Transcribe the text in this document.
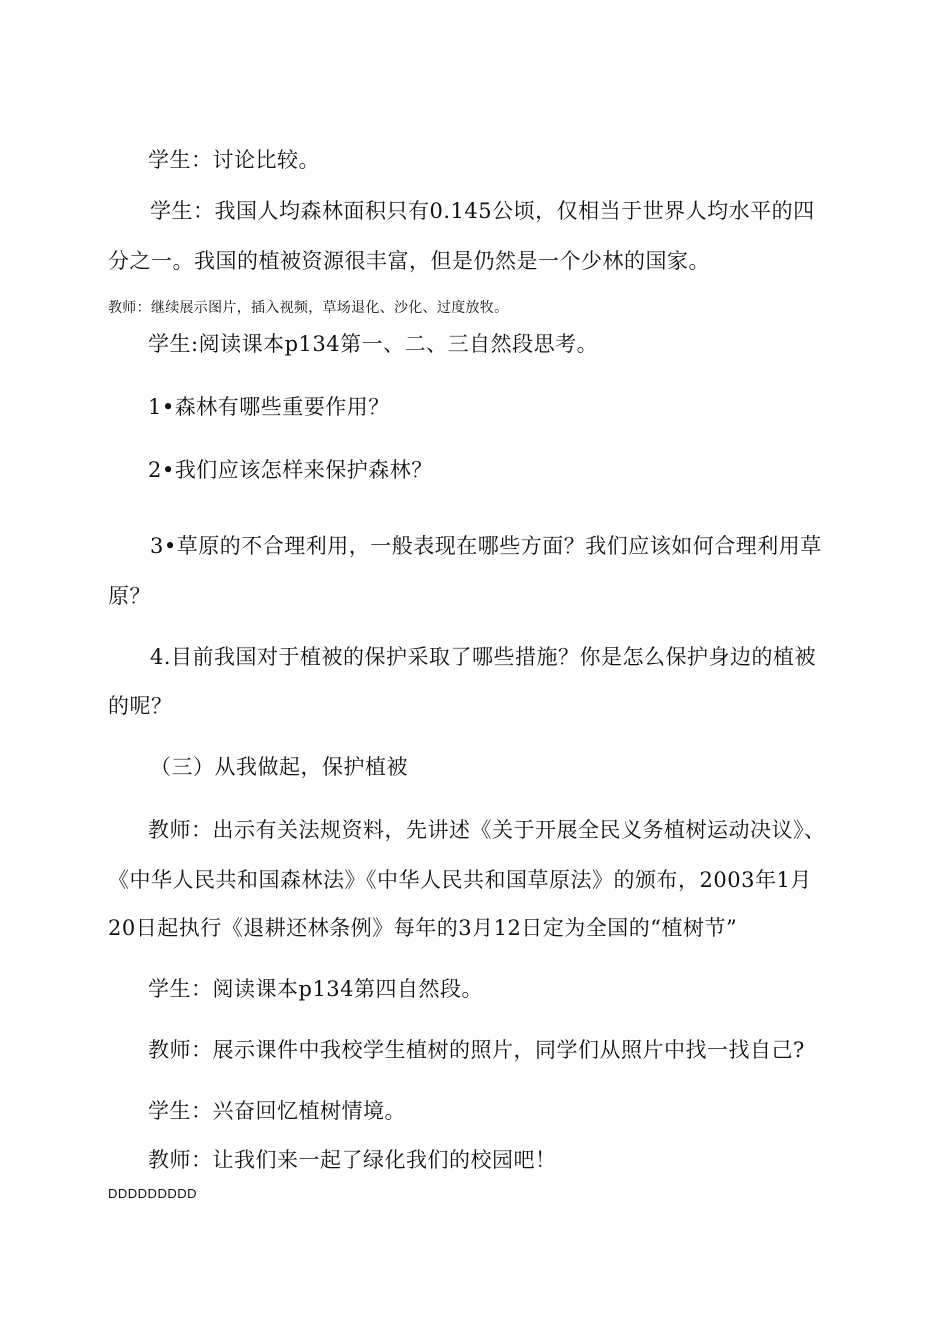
学生：讨论比较。
学生：我国人均森林面积只有0.145公顷，仅相当于世界人均水平的四
分之一。我国的植被资源很丰富，但是仍然是一个少林的国家。
教师：继续展示图片，插入视频，草场退化、沙化、过度放牧。
学生:阅读课本p134第一、二、三自然段思考。
1•森林有哪些重要作用？
2•我们应该怎样来保护森林？
3•草原的不合理利用，一般表现在哪些方面？我们应该如何合理利用草
原？
4.目前我国对于植被的保护采取了哪些措施？你是怎么保护身边的植被
的呢？
（三）从我做起，保护植被
教师：出示有关法规资料，先讲述《关于开展全民义务植树运动决议》、
《中华人民共和国森林法》《中华人民共和国草原法》的颁布，2003年1月
20日起执行《退耕还林条例》每年的3月12日定为全国的“植树节”
学生：阅读课本p134第四自然段。
教师：展示课件中我校学生植树的照片，同学们从照片中找一找自己?
学生：兴奋回忆植树情境。
教师：让我们来一起了绿化我们的校园吧！
DDDDDDDDD
